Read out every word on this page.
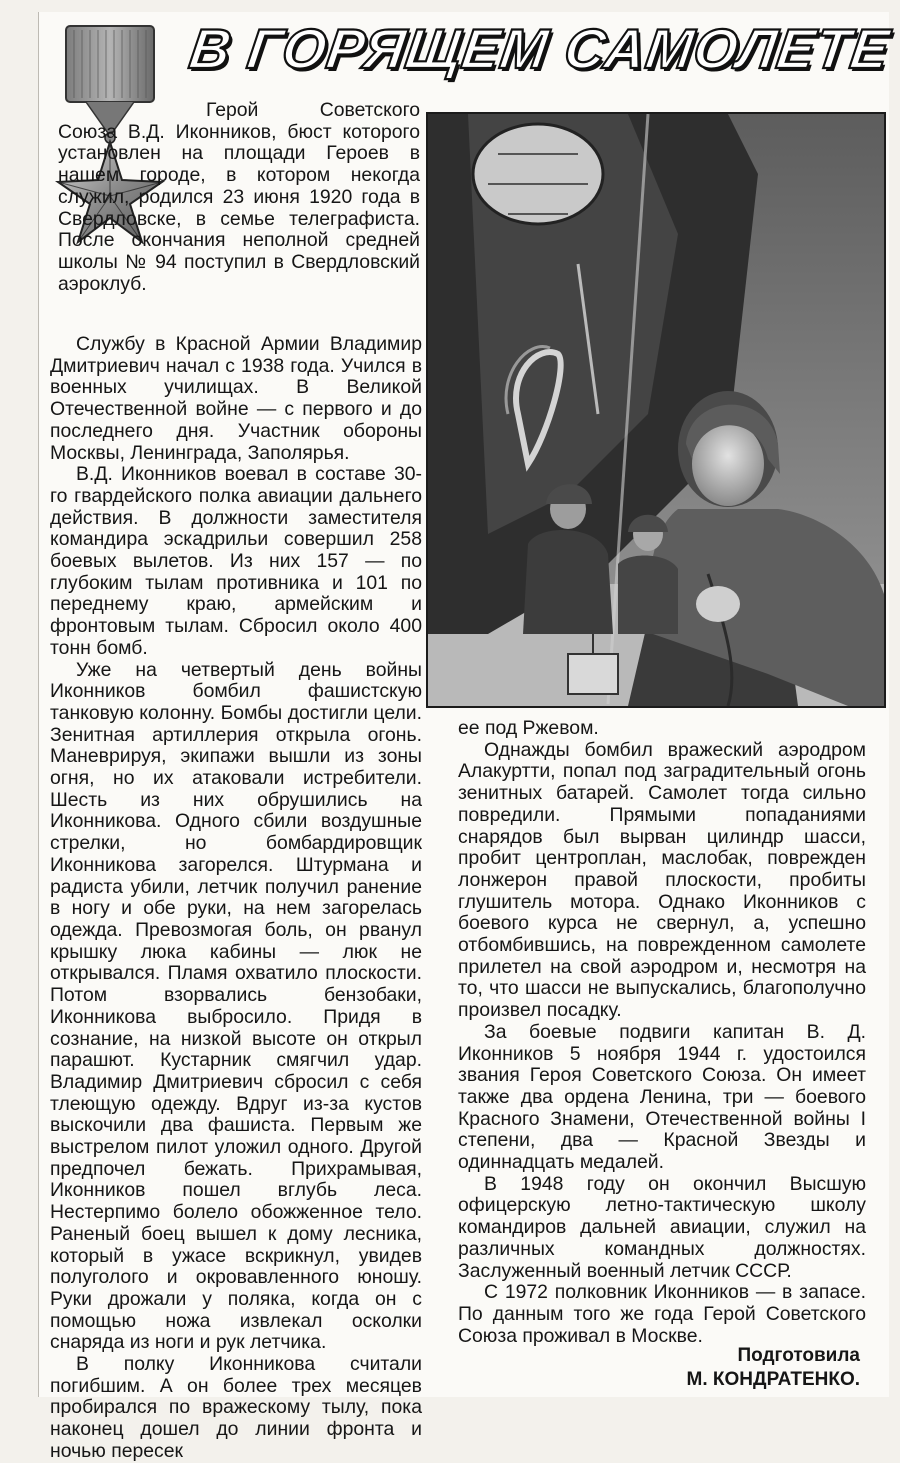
В ГОРЯЩЕМ САМОЛЕТЕ

Герой Советского Союза В.Д. Иконников, бюст которого установлен на площади Героев в нашем городе, в котором некогда служил, родился 23 июня 1920 года в Свердловске, в семье телеграфиста. После окончания неполной средней школы № 94 поступил в Свердловский аэроклуб.

Службу в Красной Армии Владимир Дмитриевич начал с 1938 года. Учился в военных училищах. В Великой Отечественной войне — с первого и до последнего дня. Участник обороны Москвы, Ленинграда, Заполярья.

В.Д. Иконников воевал в составе 30-го гвардейского полка авиации дальнего действия. В должности заместителя командира эскадрильи совершил 258 боевых вылетов. Из них 157 — по глубоким тылам противника и 101 по переднему краю, армейским и фронтовым тылам. Сбросил около 400 тонн бомб.

Уже на четвертый день войны Иконников бомбил фашистскую танковую колонну. Бомбы достигли цели. Зенитная артиллерия открыла огонь. Маневрируя, экипажи вышли из зоны огня, но их атаковали истребители. Шесть из них обрушились на Иконникова. Одного сбили воздушные стрелки, но бомбардировщик Иконникова загорелся. Штурмана и радиста убили, летчик получил ранение в ногу и обе руки, на нем загорелась одежда. Превозмогая боль, он рванул крышку люка кабины — люк не открывался. Пламя охватило плоскости. Потом взорвались бензобаки, Иконникова выбросило. Придя в сознание, на низкой высоте он открыл парашют. Кустарник смягчил удар. Владимир Дмитриевич сбросил с себя тлеющую одежду. Вдруг из-за кустов выскочили два фашиста. Первым же выстрелом пилот уложил одного. Другой предпочел бежать. Прихрамывая, Иконников пошел вглубь леса. Нестерпимо болело обожженное тело. Раненый боец вышел к дому лесника, который в ужасе вскрикнул, увидев полуголого и окровавленного юношу. Руки дрожали у поляка, когда он с помощью ножа извлекал осколки снаряда из ноги и рук летчика.

В полку Иконникова считали погибшим. А он более трех месяцев пробирался по вражескому тылу, пока наконец дошел до линии фронта и ночью пересек

ее под Ржевом.

Однажды бомбил вражеский аэродром Алакуртти, попал под заградительный огонь зенитных батарей. Самолет тогда сильно повредили. Прямыми попаданиями снарядов был вырван цилиндр шасси, пробит центроплан, маслобак, поврежден лонжерон правой плоскости, пробиты глушитель мотора. Однако Иконников с боевого курса не свернул, а, успешно отбомбившись, на поврежденном самолете прилетел на свой аэродром и, несмотря на то, что шасси не выпускались, благополучно произвел посадку.

За боевые подвиги капитан В. Д. Иконников 5 ноября 1944 г. удостоился звания Героя Советского Союза. Он имеет также два ордена Ленина, три — боевого Красного Знамени, Отечественной войны I степени, два — Красной Звезды и одиннадцать медалей.

В 1948 году он окончил Высшую офицерскую летно-тактическую школу командиров дальней авиации, служил на различных командных должностях. Заслуженный военный летчик СССР.

С 1972 полковник Иконников — в запасе. По данным того же года Герой Советского Союза проживал в Москве.

Подготовила
М. КОНДРАТЕНКО.
